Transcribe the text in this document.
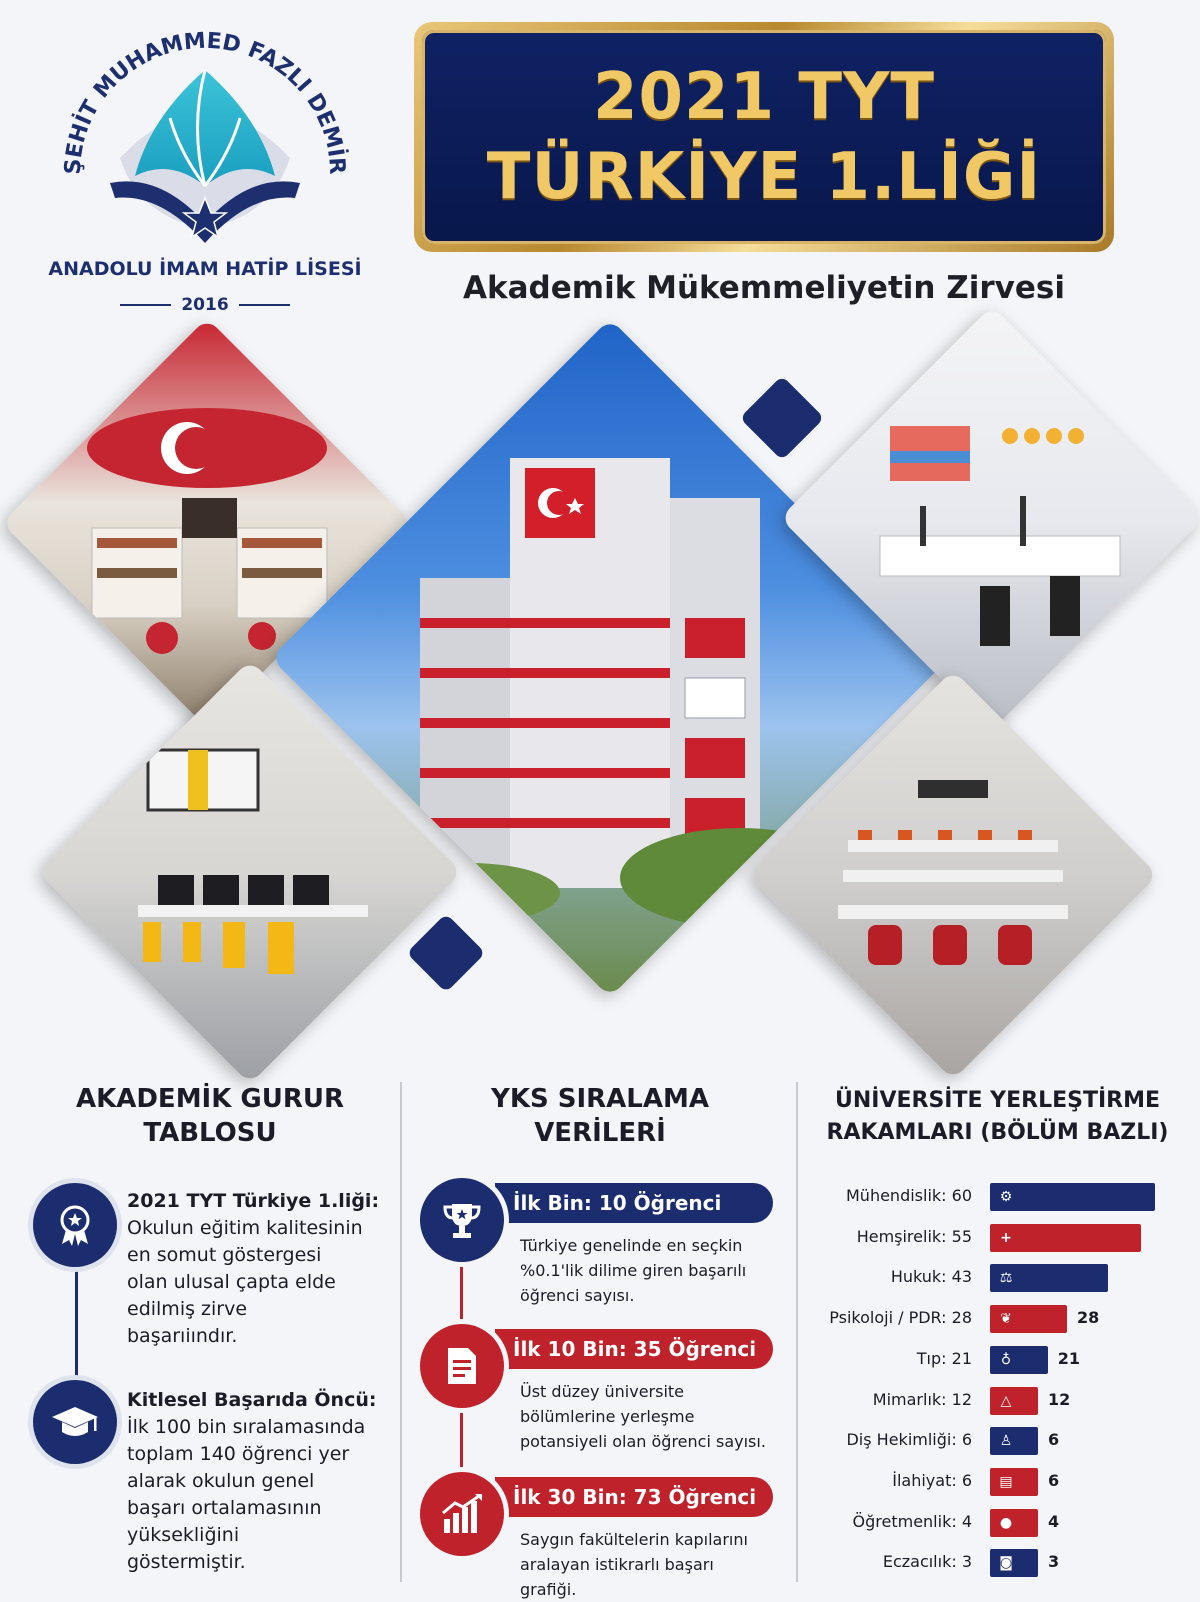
ŞEHİT MUHAMMED FAZLI DEMİR
ANADOLU İMAM HATİP LİSESİ
2016
2021 TYT
TÜRKİYE 1.LİĞİ
Akademik Mükemmeliyetin Zirvesi
AKADEMİK GURUR
TABLOSU
2021 TYT Türkiye 1.liği:
Okulun eğitim kalitesinin
en somut göstergesi
olan ulusal çapta elde
edilmiş zirve
başarıiındır.
Kitlesel Başarıda Öncü:
İlk 100 bin sıralamasında
toplam 140 öğrenci yer
alarak okulun genel
başarı ortalamasının
yüksekliğini
göstermiştir.
YKS SIRALAMA
VERİLERİ
İlk Bin: 10 Öğrenci
Türkiye genelinde en seçkin
%0.1'lik dilime giren başarılı
öğrenci sayısı.
İlk 10 Bin: 35 Öğrenci
Üst düzey üniversite
bölümlerine yerleşme
potansiyeli olan öğrenci sayısı.
İlk 30 Bin: 73 Öğrenci
Saygın fakültelerin kapılarını
aralayan istikrarlı başarı
grafiği.
ÜNİVERSİTE YERLEŞTİRME
RAKAMLARI (BÖLÜM BAZLI)
Mühendislik: 60 ⚙
Hemşirelik: 55 +
Hukuk: 43 ⚖
Psikoloji / PDR: 28 ❦	28
Tıp: 21	♁	21
Mimarlık: 12	△ 12
Diş Hekimliği: 6 ♙ 6
İlahiyat: 6 ▤ 6
Öğretmenlik: 4 ● 4
Eczacılık: 3 ◙ 3
